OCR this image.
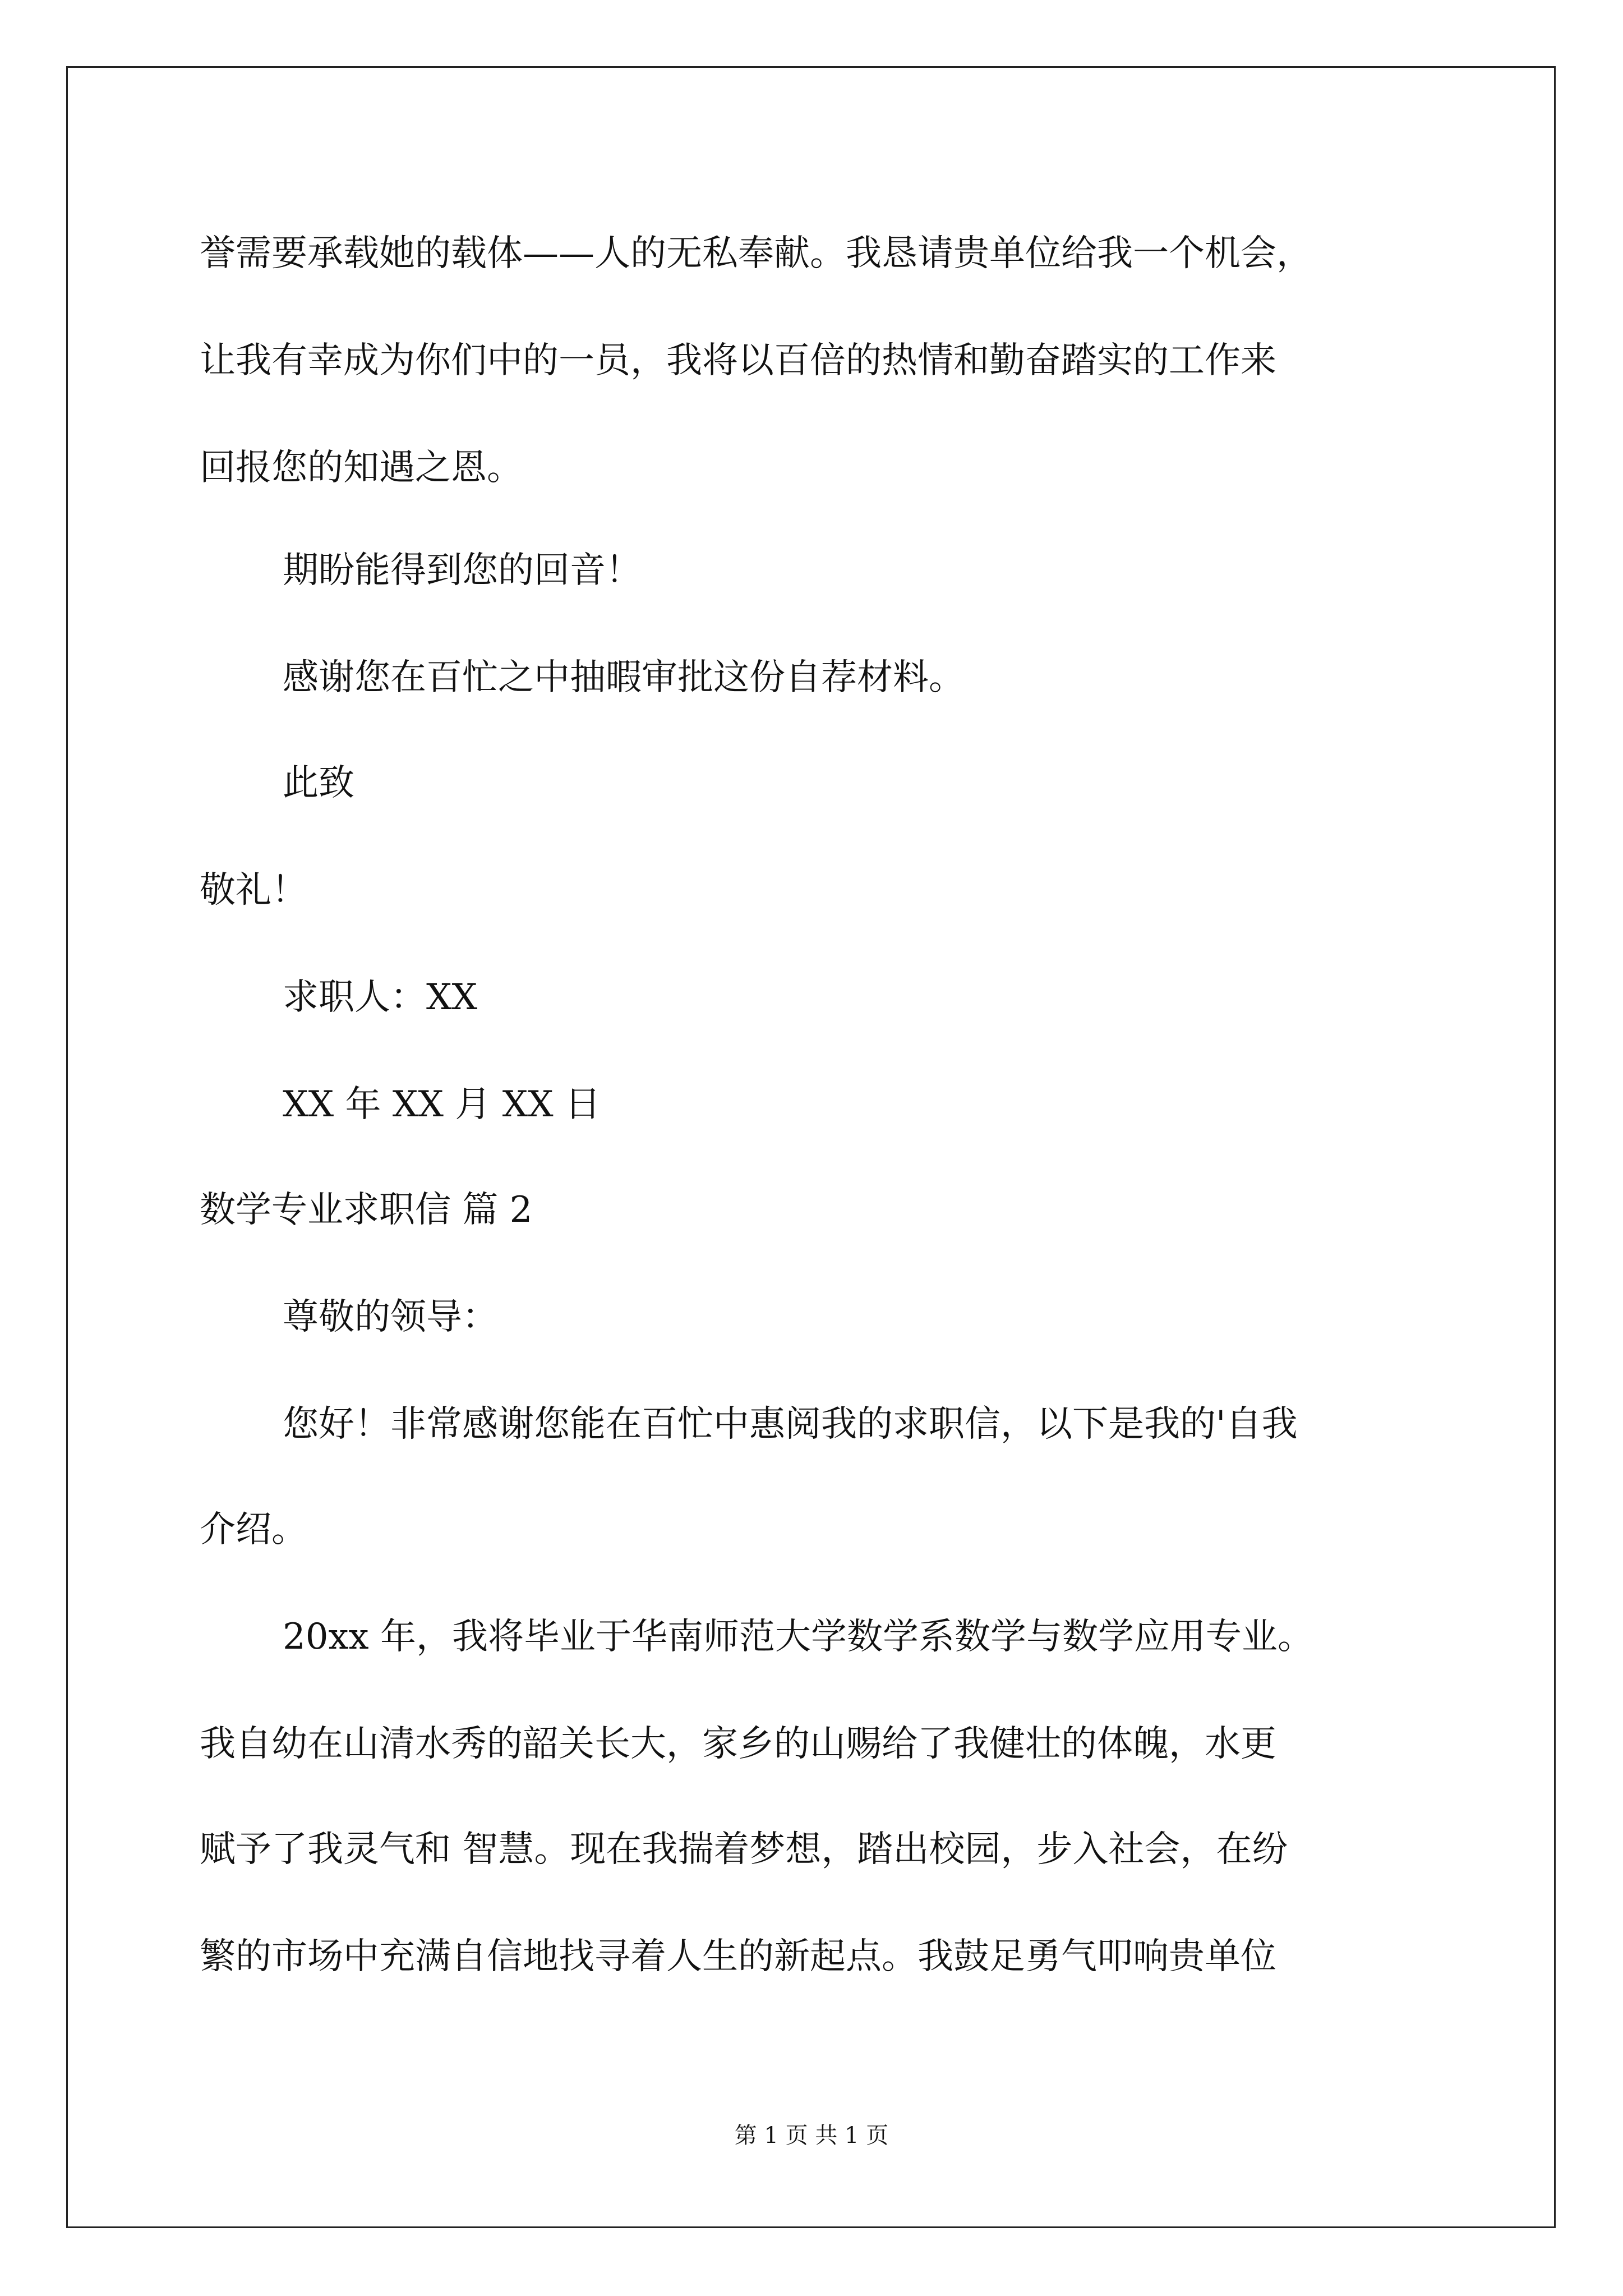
誉需要承载她的载体——人的无私奉献。我恳请贵单位给我一个机会，
让我有幸成为你们中的一员，我将以百倍的热情和勤奋踏实的工作来
回报您的知遇之恩。
期盼能得到您的回音！
感谢您在百忙之中抽暇审批这份自荐材料。
此致
敬礼！
求职人：XX
XX 年 XX 月 XX 日
数学专业求职信 篇 2
尊敬的领导：
您好！非常感谢您能在百忙中惠阅我的求职信，以下是我的'自我
介绍。
20xx 年，我将毕业于华南师范大学数学系数学与数学应用专业。
我自幼在山清水秀的韶关长大，家乡的山赐给了我健壮的体魄，水更
赋予了我灵气和 智慧。现在我揣着梦想，踏出校园，步入社会，在纷
繁的市场中充满自信地找寻着人生的新起点。我鼓足勇气叩响贵单位
第 1 页 共 1 页
